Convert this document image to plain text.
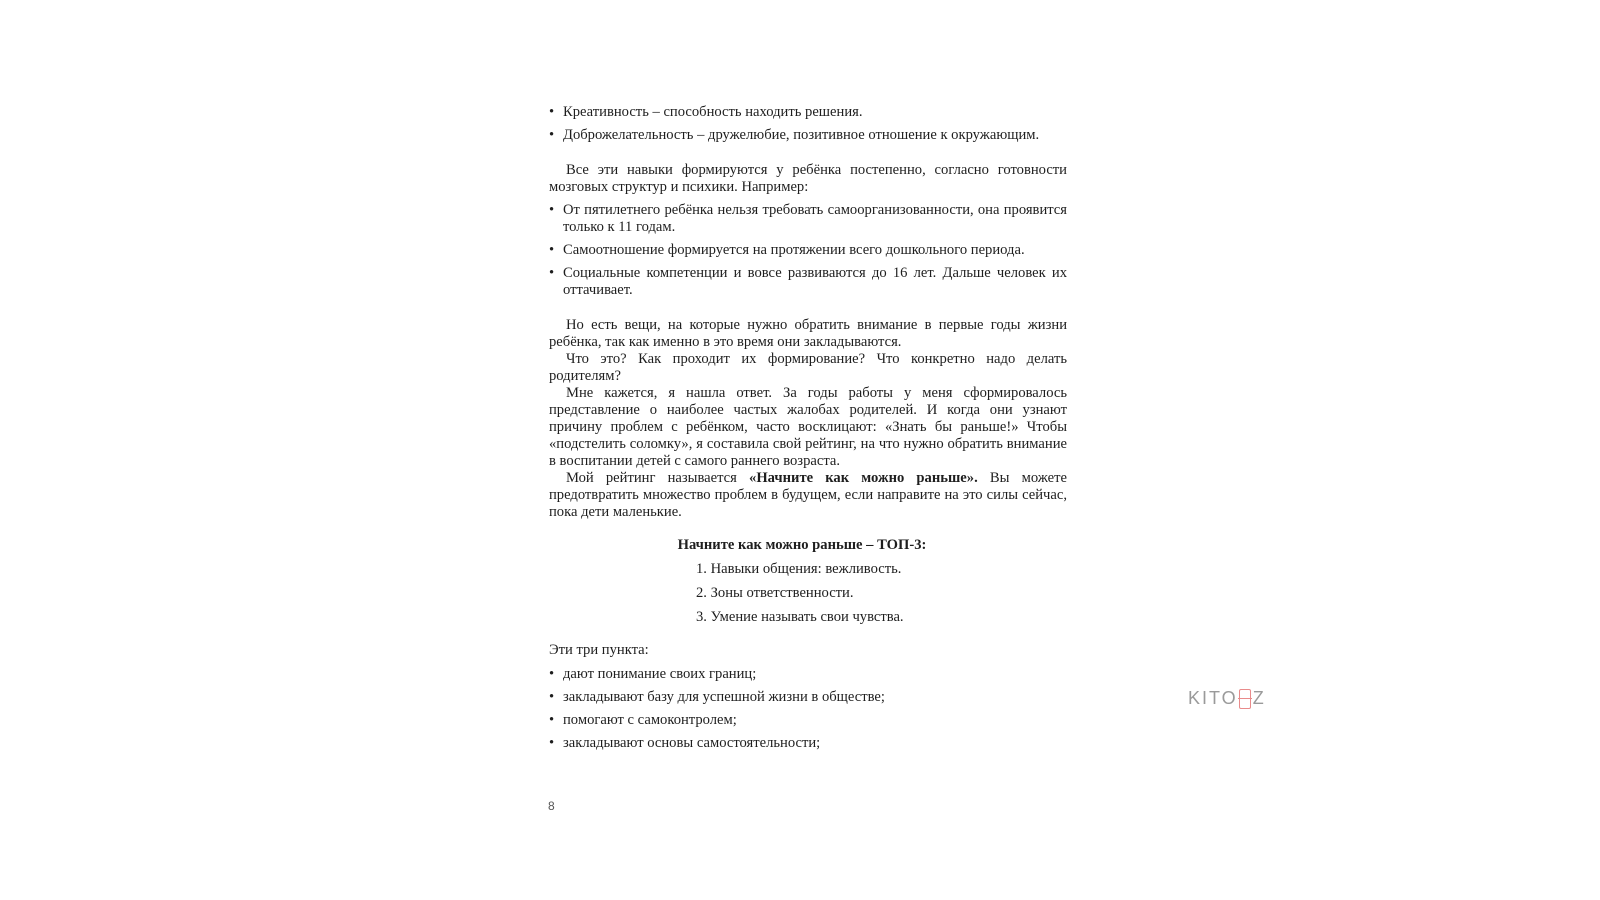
• Креативность – способность находить решения.
• Доброжелательность – дружелюбие, позитивное отношение к окружающим.

Все эти навыки формируются у ребёнка постепенно, согласно готовности мозговых структур и психики. Например:

• От пятилетнего ребёнка нельзя требовать самоорганизованности, она проявится только к 11 годам.
• Самоотношение формируется на протяжении всего дошкольного периода.
• Социальные компетенции и вовсе развиваются до 16 лет. Дальше человек их оттачивает.

Но есть вещи, на которые нужно обратить внимание в первые годы жизни ребёнка, так как именно в это время они закладываются.

Что это? Как проходит их формирование? Что конкретно надо делать родителям?

Мне кажется, я нашла ответ. За годы работы у меня сформировалось представление о наиболее частых жалобах родителей. И когда они узнают причину проблем с ребёнком, часто восклицают: «Знать бы раньше!» Чтобы «подстелить соломку», я составила свой рейтинг, на что нужно обратить внимание в воспитании детей с самого раннего возраста.

Мой рейтинг называется «Начните как можно раньше». Вы можете предотвратить множество проблем в будущем, если направите на это силы сейчас, пока дети маленькие.

Начните как можно раньше – ТОП-3:
1. Навыки общения: вежливость.
2. Зоны ответственности.
3. Умение называть свои чувства.
Эти три пункта:
• дают понимание своих границ;
• закладывают базу для успешной жизни в обществе;
• помогают с самоконтролем;
• закладывают основы самостоятельности;
8
KITO Z
